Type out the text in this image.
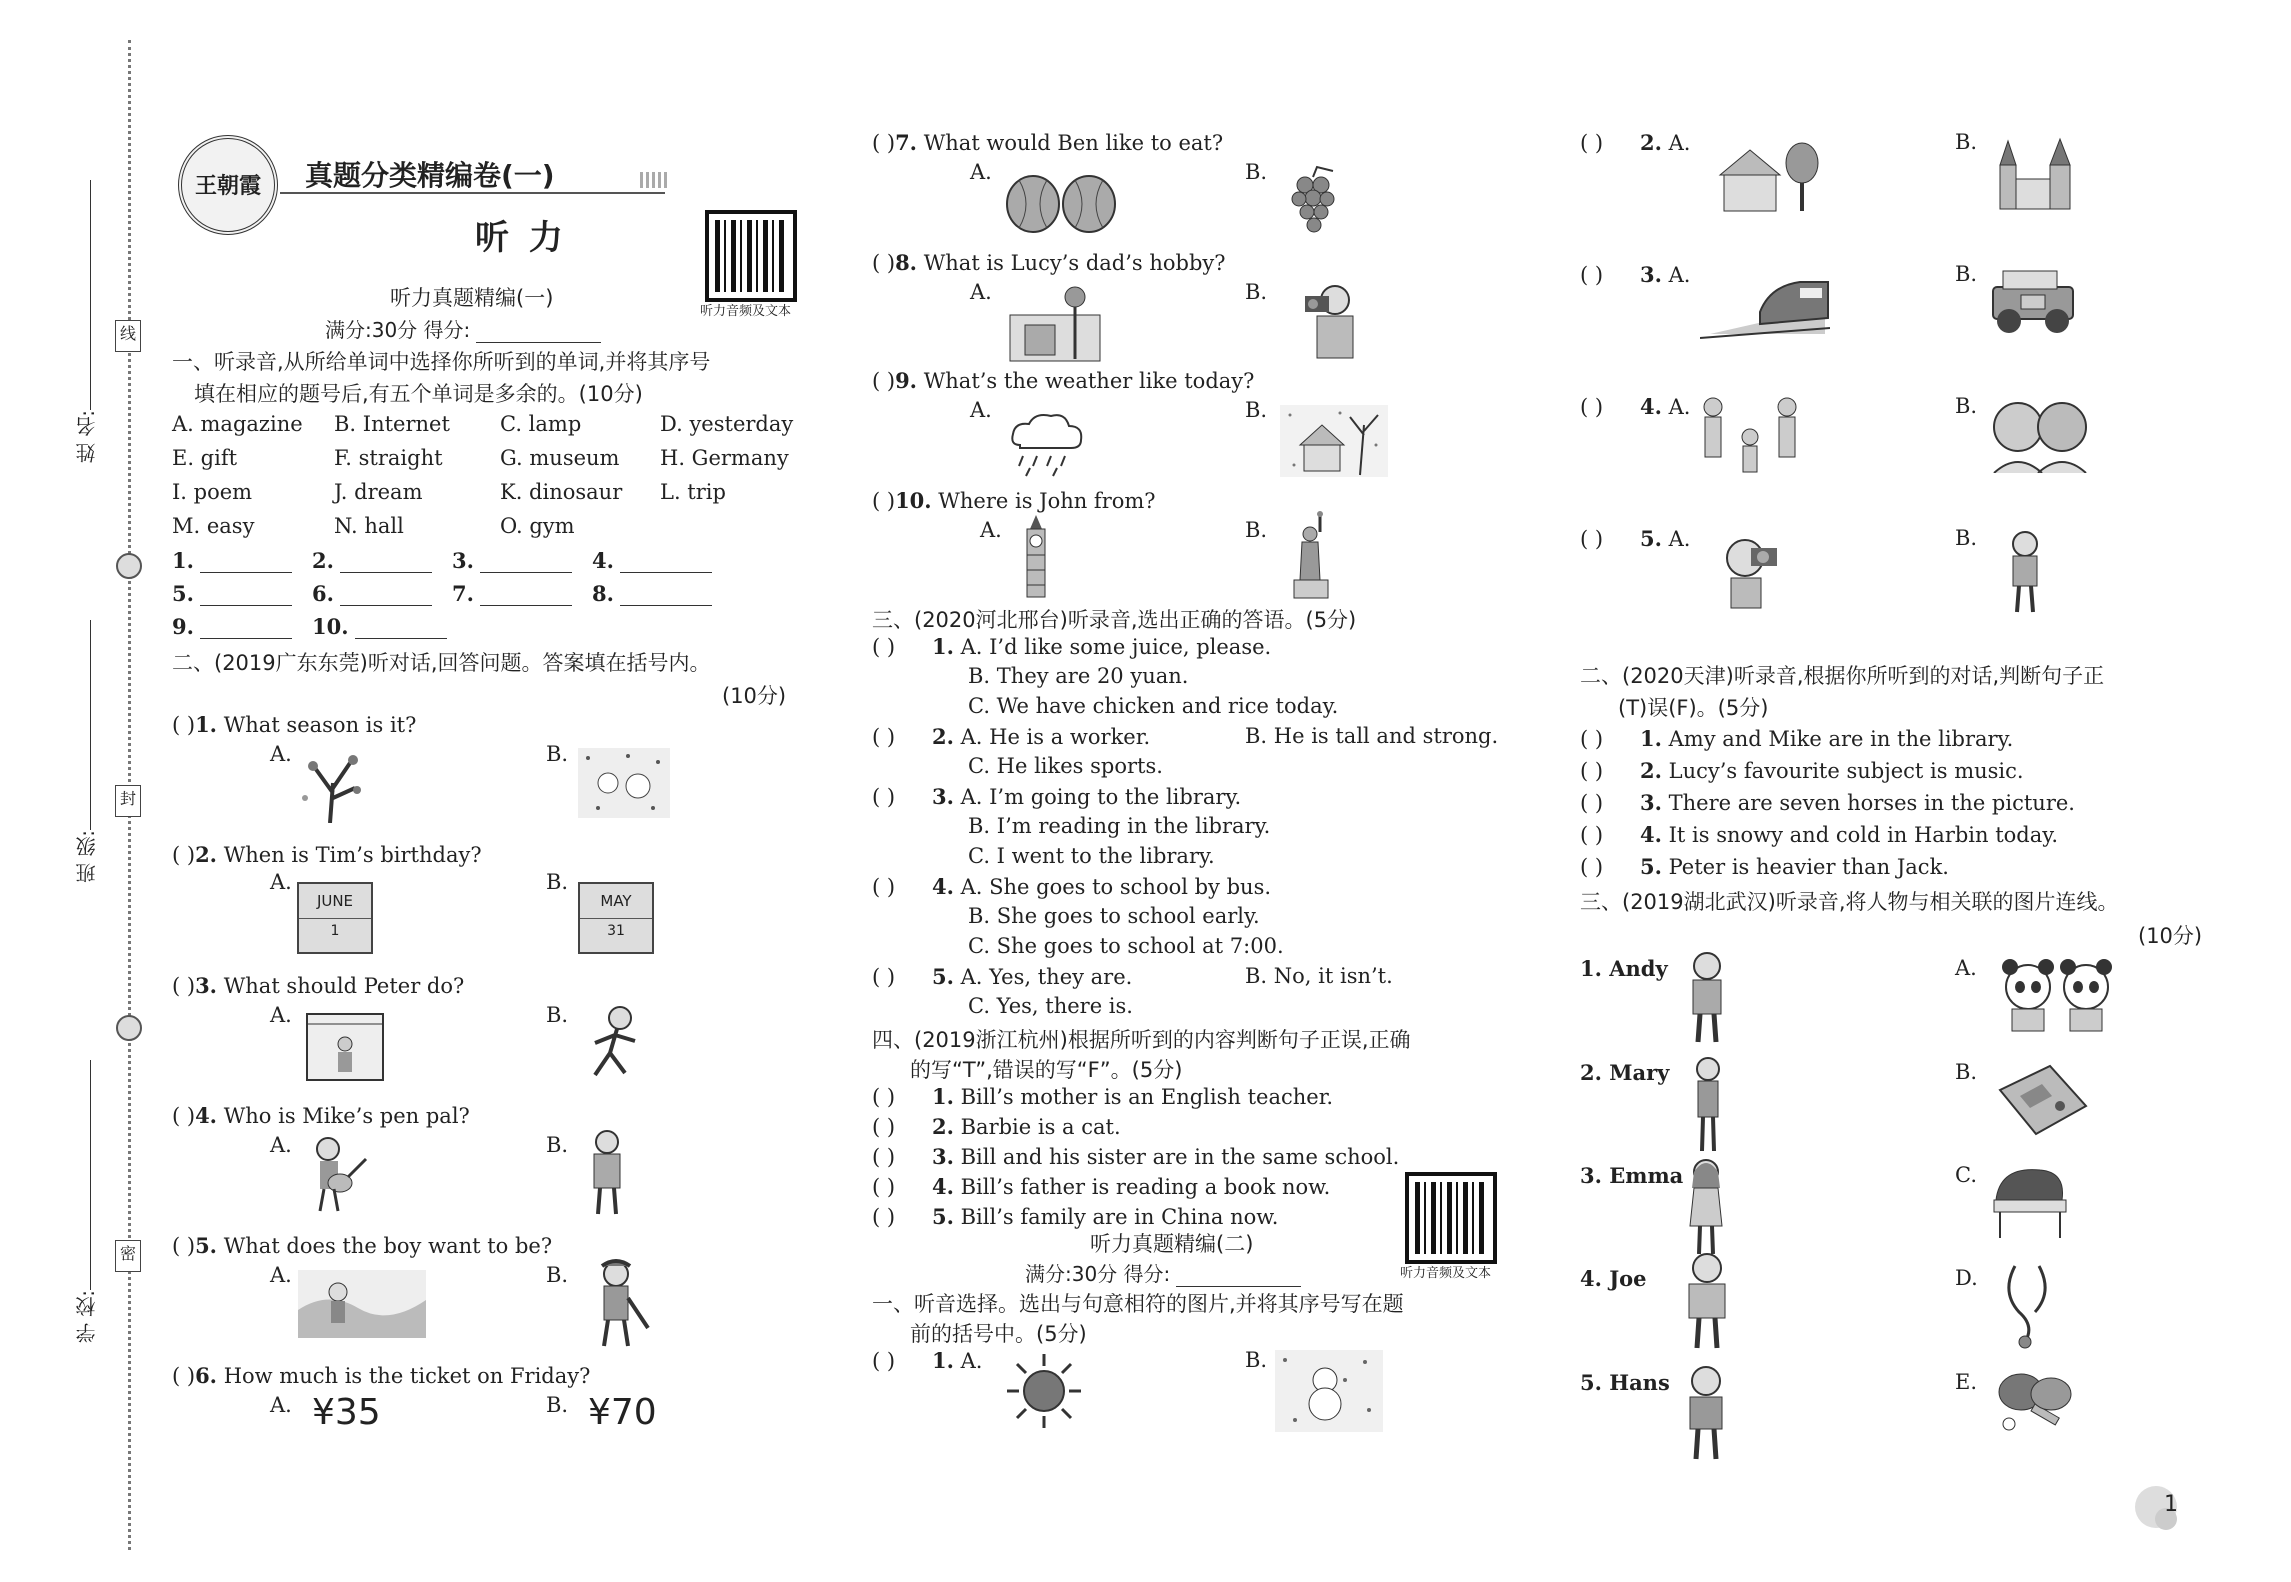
姓 名:
班 级:
学 校:
线
封
密
王朝霞	真题分类精编卷(一)
听 力
听力音频及文本
听力真题精编(一)
满分:30分 得分:
一、听录音,从所给单词中选择你所听到的单词,并将其序号
填在相应的题号后,有五个单词是多余的。(10分)
A. magazine B. Internet C. lamp	D. yesterday
E. gift	F. straight	G. museum H. Germany
I. poem	J. dream	K. dinosaur L. trip
M. easy	N. hall	O. gym
1.	2.	3.	4.
5.	6.	7.	8.
9.	10.
二、(2019广东东莞)听对话,回答问题。答案填在括号内。
(10分)
( )1. What season is it?
A.	B.
( )2. When is Tim’s birthday?
A.	B.
JUNE
1
MAY
31
( )3. What should Peter do?
A.	B.
( )4. Who is Mike’s pen pal?
A.	B.
( )5. What does the boy want to be?
A.	B.
( )6. How much is the ticket on Friday?
A.	B.
¥35	¥70
( )7. What would Ben like to eat?
A.	B.
( )8. What is Lucy’s dad’s hobby?
A.	B.
( )9. What’s the weather like today?
A.	B.
( )10. Where is John from?
A.	B.
三、(2020河北邢台)听录音,选出正确的答语。(5分)
( ) 1. A. I’d like some juice, please.
B. They are 20 yuan.
C. We have chicken and rice today.
( ) 2. A. He is a worker.	B. He is tall and strong.
C. He likes sports.
( ) 3. A. I’m going to the library.
B. I’m reading in the library.
C. I went to the library.
( ) 4. A. She goes to school by bus.
B. She goes to school early.
C. She goes to school at 7:00.
( ) 5. A. Yes, they are.	B. No, it isn’t.
C. Yes, there is.
四、(2019浙江杭州)根据所听到的内容判断句子正误,正确
的写“T”,错误的写“F”。(5分)
( ) 1. Bill’s mother is an English teacher.
( ) 2. Barbie is a cat.
( ) 3. Bill and his sister are in the same school.
( ) 4. Bill’s father is reading a book now.
( ) 5. Bill’s family are in China now.
听力音频及文本
听力真题精编(二)
满分:30分 得分:
一、听音选择。选出与句意相符的图片,并将其序号写在题
前的括号中。(5分)
( ) 1. A.	B.
( ) 2. A.	B.
( ) 3. A.	B.
( ) 4. A.	B.
( ) 5. A.	B.
二、(2020天津)听录音,根据你所听到的对话,判断句子正
(T)误(F)。(5分)
( ) 1. Amy and Mike are in the library.
( ) 2. Lucy’s favourite subject is music.
( ) 3. There are seven horses in the picture.
( ) 4. It is snowy and cold in Harbin today.
( ) 5. Peter is heavier than Jack.
三、(2019湖北武汉)听录音,将人物与相关联的图片连线。
(10分)
1. Andy
2. Mary
3. Emma
4. Joe
5. Hans
A.
B.
C.
D.
E.
1
